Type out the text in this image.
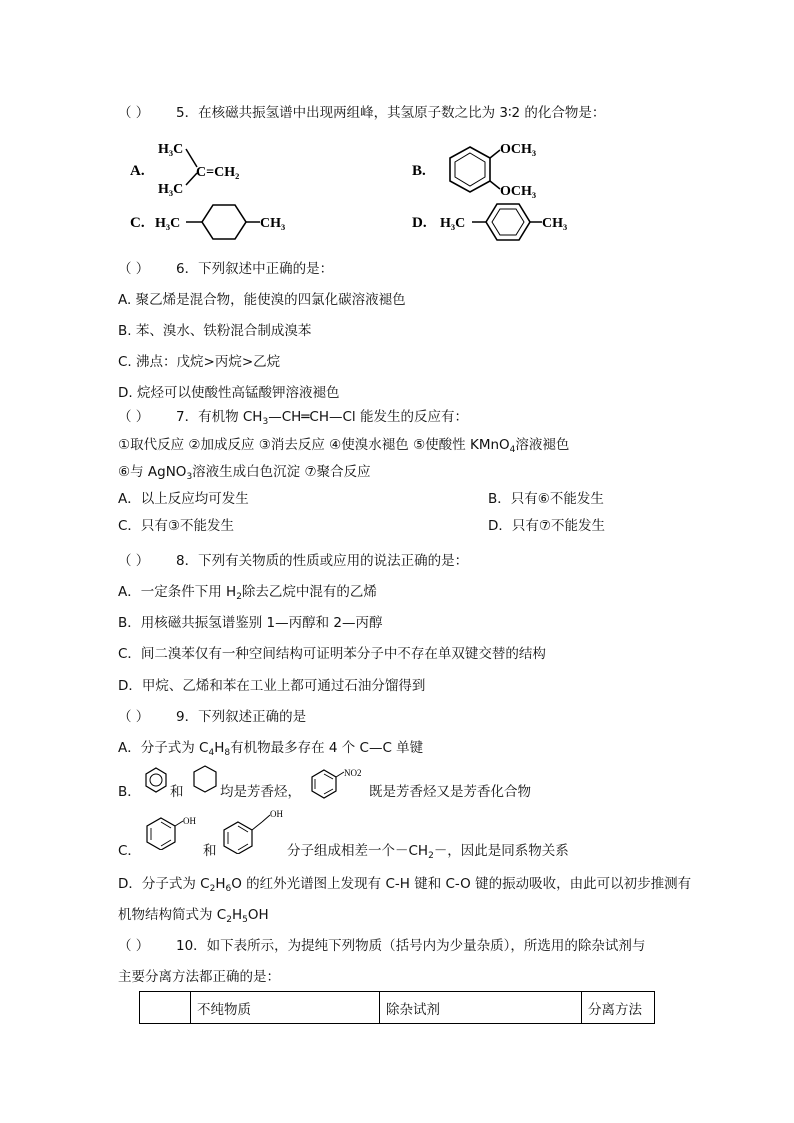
（ ） 5．在核磁共振氢谱中出现两组峰，其氢原子数之比为 3∶2 的化合物是：
A.
H₃C
H₃C
C=CH₂	B.
OCH₃
OCH₃
C. H₃C	CH₃	D. H₃C	CH₃
（ ） 6．下列叙述中正确的是：
A. 聚乙烯是混合物，能使溴的四氯化碳溶液褪色
B. 苯、溴水、铁粉混合制成溴苯
C. 沸点：戊烷>丙烷>乙烷
D. 烷烃可以使酸性高锰酸钾溶液褪色
（ ） 7．有机物 $CH_3—CH═CH—Cl$ 能发生的反应有：
①取代反应 ②加成反应 ③消去反应 ④使溴水褪色 ⑤使酸性 KMnO$_4$溶液褪色
⑥与 AgNO$_3$溶液生成白色沉淀 ⑦聚合反应
A．以上反应均可发生	B．只有⑥不能发生
C．只有③不能发生	D．只有⑦不能发生
（ ） 8．下列有关物质的性质或应用的说法正确的是：
A．一定条件下用 $H_2$除去乙烷中混有的乙烯
B．用核磁共振氢谱鉴别 1—丙醇和 2—丙醇
C．间二溴苯仅有一种空间结构可证明苯分子中不存在单双键交替的结构
D．甲烷、乙烯和苯在工业上都可通过石油分馏得到
（ ） 9．下列叙述正确的是
A．分子式为 $C_4H_8$有机物最多存在 4 个 C—C 单键
B． 和	均是芳香烃，
NO2
既是芳香烃又是芳香化合物
C．
OH
和
OH
分子组成相差一个$-CH_2-$，因此是同系物关系
D．分子式为 $C_2H_6O$ 的红外光谱图上发现有 C-H 键和 C-O 键的振动吸收，由此可以初步推测有
机物结构简式为 $C_2H_5OH$
（ ） 10．如下表所示，为提纯下列物质（括号内为少量杂质），所选用的除杂试剂与
主要分离方法都正确的是：
	不纯物质	除杂试剂	分离方法
